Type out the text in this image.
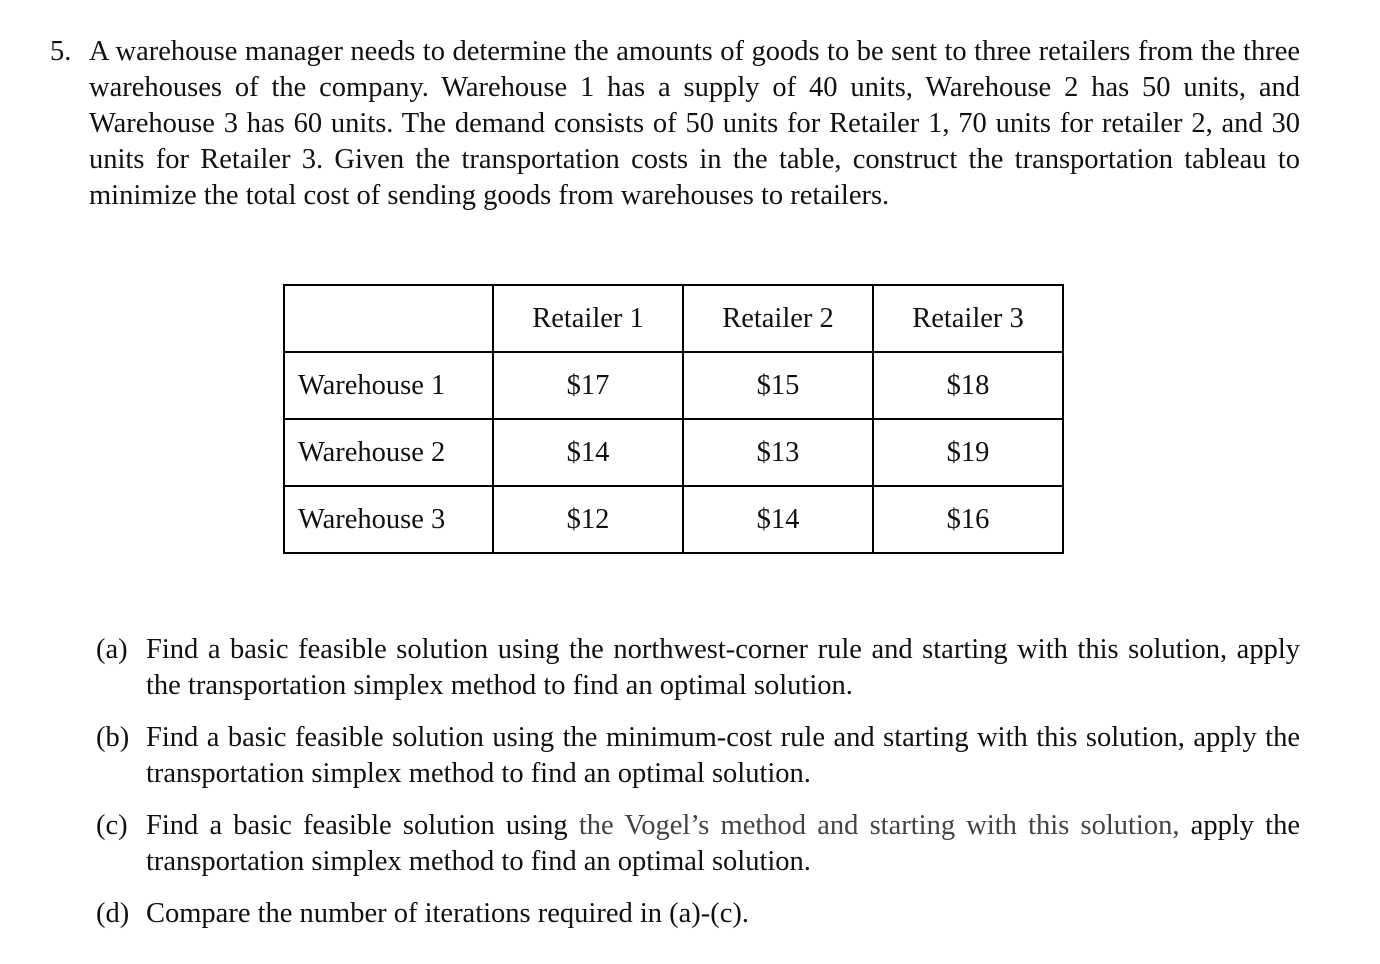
5. A warehouse manager needs to determine the amounts of goods to be sent to three retailers from the three warehouses of the company. Warehouse 1 has a supply of 40 units, Warehouse 2 has 50 units, and Warehouse 3 has 60 units. The demand consists of 50 units for Retailer 1, 70 units for retailer 2, and 30 units for Retailer 3. Given the transportation costs in the table, construct the transportation tableau to minimize the total cost of sending goods from warehouses to retailers.
	Retailer 1	Retailer 2	Retailer 3
Warehouse 1	$17	$15	$18
Warehouse 2	$14	$13	$19
Warehouse 3	$12	$14	$16
(a) Find a basic feasible solution using the northwest-corner rule and starting with this solution, apply the transportation simplex method to find an optimal solution.
(b) Find a basic feasible solution using the minimum-cost rule and starting with this solution, apply the transportation simplex method to find an optimal solution.
(c) Find a basic feasible solution using the Vogel’s method and starting with this solution, apply the transportation simplex method to find an optimal solution.
(d) Compare the number of iterations required in (a)-(c).
